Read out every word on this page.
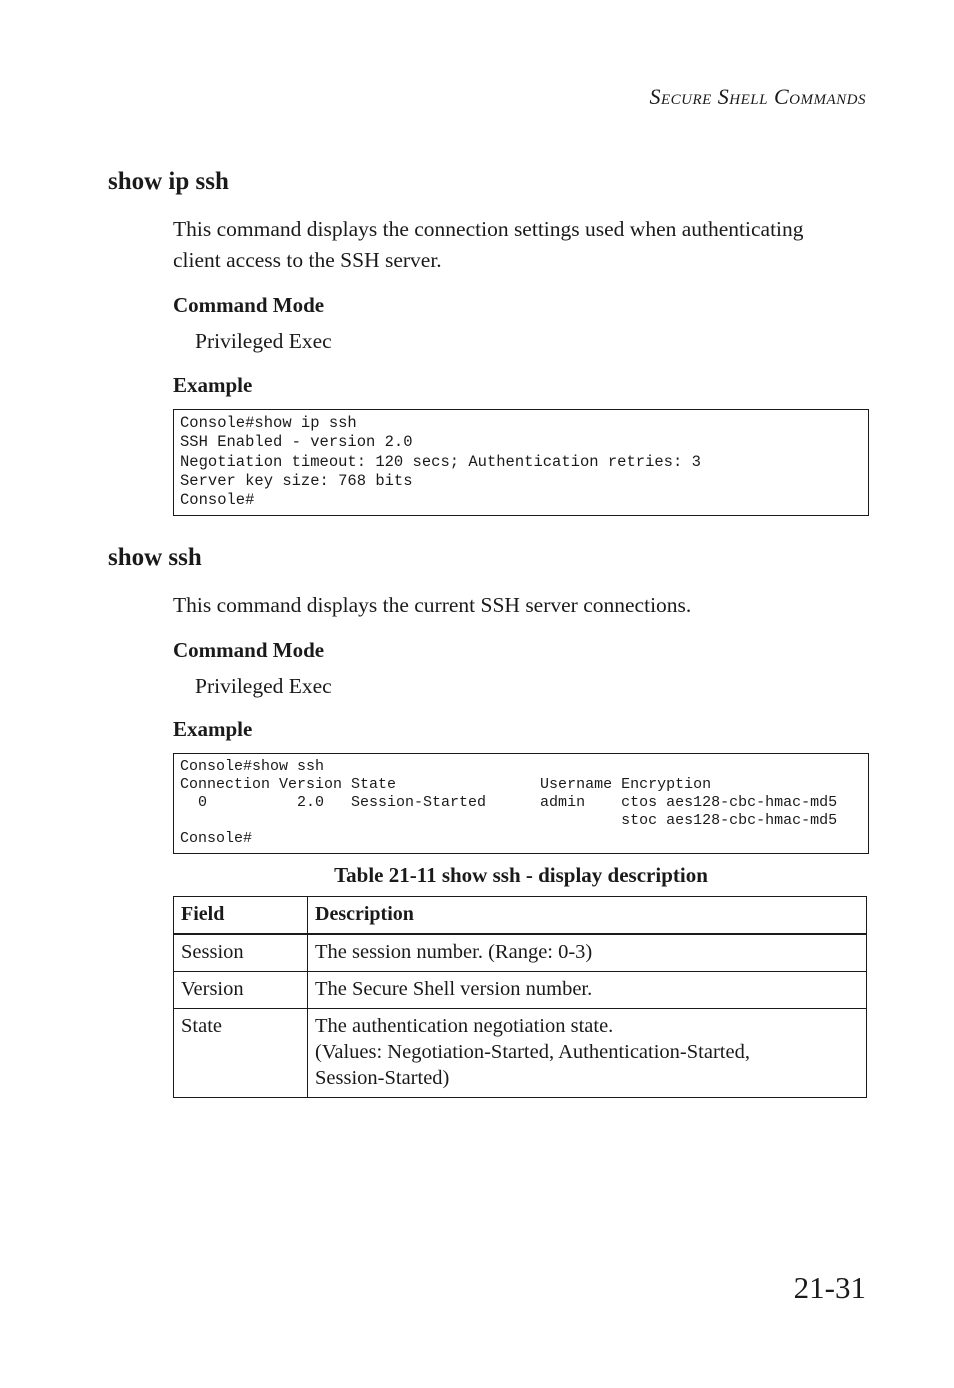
Secure Shell Commands
show ip ssh
This command displays the connection settings used when authenticating
client access to the SSH server.
Command Mode
Privileged Exec
Example
Console#show ip ssh
SSH Enabled - version 2.0
Negotiation timeout: 120 secs; Authentication retries: 3
Server key size: 768 bits
Console#
show ssh
This command displays the current SSH server connections.
Command Mode
Privileged Exec
Example
Console#show ssh
Connection Version State                Username Encryption
0          2.0   Session-Started      admin    ctos aes128-cbc-hmac-md5
stoc aes128-cbc-hmac-md5
Console#
Table 21-11 show ssh - display description
Field	Description
Session	The session number. (Range: 0-3)

Version	The Secure Shell version number.

State	The authentication negotiation state.
(Values: Negotiation-Started, Authentication-Started,
Session-Started)
21-31
